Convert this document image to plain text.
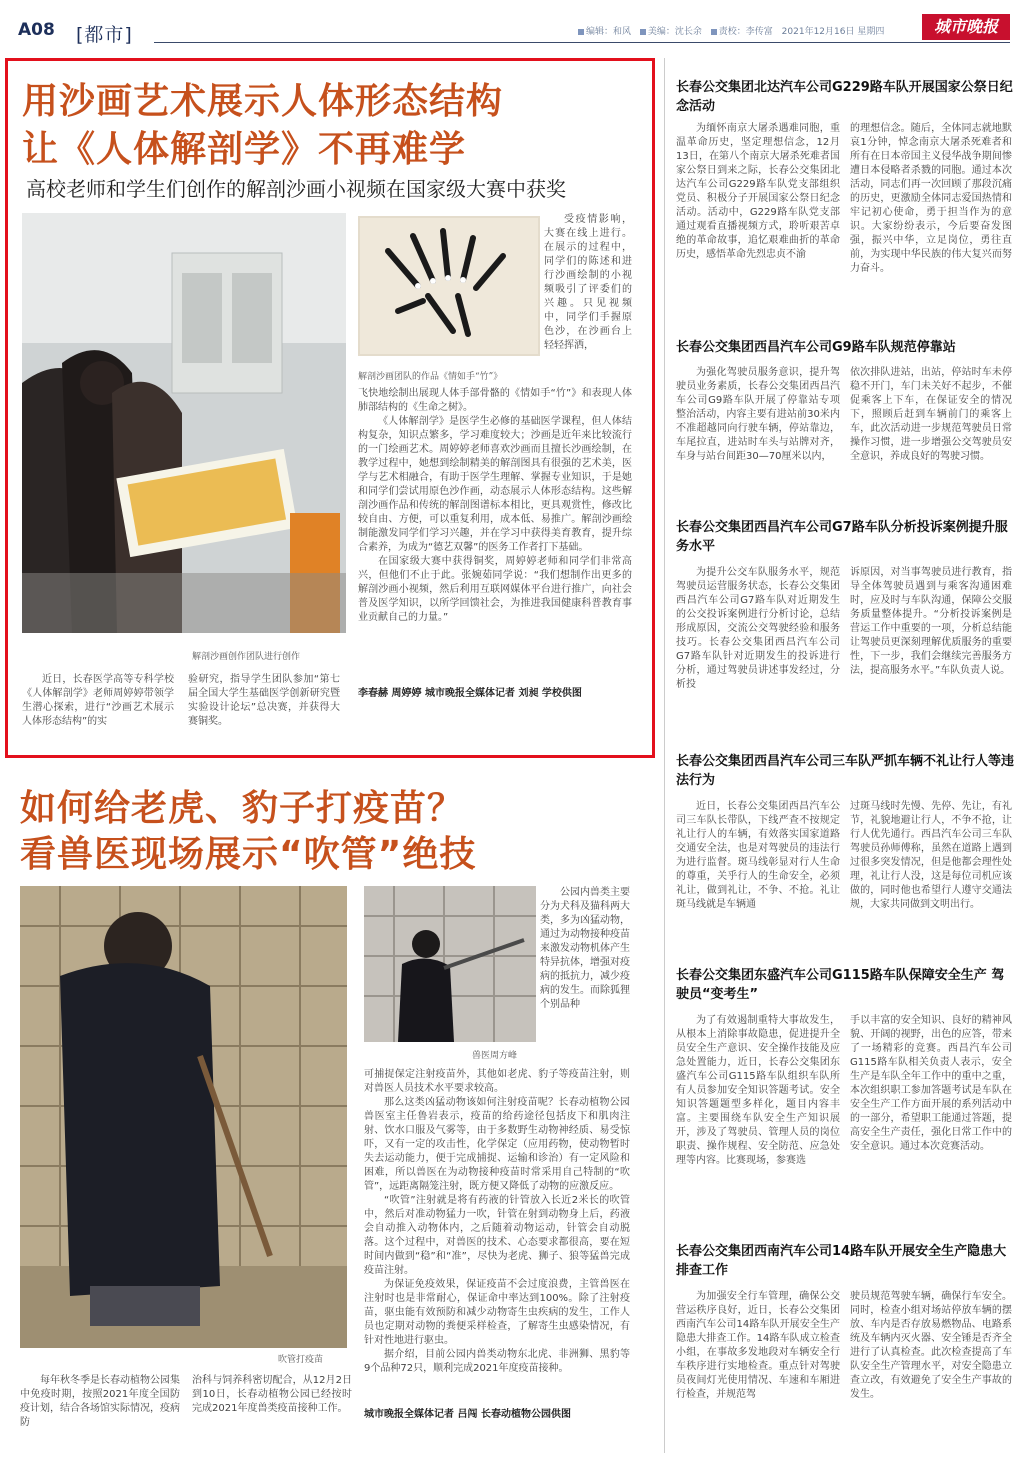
A08 [都市]	编辑：和风 美编：沈长余 责校：李传富 2021年12月16日 星期四	城市晚报
用沙画艺术展示人体形态结构
让《人体解剖学》不再难学
高校老师和学生们创作的解剖沙画小视频在国家级大赛中获奖
解剖沙画创作团队进行创作
解剖沙画团队的作品《情如手“竹”》

受疫情影响，大赛在线上进行。在展示的过程中，同学们的陈述和进行沙画绘制的小视频吸引了评委们的兴趣。只见视频中，同学们手握原色沙，在沙画台上轻轻挥洒，

飞快地绘制出展现人体手部骨骼的《情如手“竹”》和表现人体肺部结构的《生命之树》。

《人体解剖学》是医学生必修的基础医学课程，但人体结构复杂，知识点繁多，学习难度较大；沙画是近年来比较流行的一门绘画艺术。周婷婷老师喜欢沙画而且擅长沙画绘制，在教学过程中，她想到绘制精美的解剖图具有很强的艺术美，医学与艺术相融合，有助于医学生理解、掌握专业知识，于是她和同学们尝试用原色沙作画，动态展示人体形态结构。这些解剖沙画作品和传统的解剖图谱标本相比，更具观赏性，修改比较自由、方便，可以重复利用，成本低、易推广。解剖沙画绘制能激发同学们学习兴趣，并在学习中获得美育教育，提升综合素养，为成为“德艺双馨”的医务工作者打下基础。

在国家级大赛中获得铜奖，周婷婷老师和同学们非常高兴，但他们不止于此。张婉茹同学说：“我们想制作出更多的解剖沙画小视频，然后利用互联网媒体平台进行推广，向社会普及医学知识，以所学回馈社会，为推进我国健康科普教育事业贡献自己的力量。”

李春赫 周婷婷 城市晚报全媒体记者 刘昶 学校供图

近日，长春医学高等专科学校《人体解剖学》老师周婷婷带领学生潜心探索，进行“沙画艺术展示人体形态结构”的实

验研究，指导学生团队参加“第七届全国大学生基础医学创新研究暨实验设计论坛”总决赛，并获得大赛铜奖。

如何给老虎、豹子打疫苗？
看兽医现场展示“吹管”绝技
吹管打疫苗
兽医周方峰

公园内兽类主要分为犬科及猫科两大类，多为凶猛动物，通过为动物接种疫苗来激发动物机体产生特异抗体，增强对疫病的抵抗力，减少疫病的发生。而除狐狸个别品种

可捕捉保定注射疫苗外，其他如老虎、豹子等疫苗注射，则对兽医人员技术水平要求较高。

那么这类凶猛动物该如何注射疫苗呢？长春动植物公园兽医室主任鲁岩表示，疫苗的给药途径包括皮下和肌肉注射、饮水口服及气雾等，由于多数野生动物神经质、易受惊吓，又有一定的攻击性，化学保定（应用药物，使动物暂时失去运动能力，便于完成捕捉、运输和诊治）有一定风险和困难，所以兽医在为动物接种疫苗时常采用自己特制的“吹管”，远距离隔笼注射，既方便又降低了动物的应激反应。

“吹管”注射就是将有药液的针管放入长近2米长的吹管中，然后对准动物猛力一吹，针管在射到动物身上后，药液会自动推入动物体内，之后随着动物运动，针管会自动脱落。这个过程中，对兽医的技术、心态要求都很高，要在短时间内做到“稳”和“准”，尽快为老虎、狮子、狼等猛兽完成疫苗注射。

为保证免疫效果，保证疫苗不会过度浪费，主管兽医在注射时也是非常耐心，保证命中率达到100%。除了注射疫苗，驱虫能有效预防和减少动物寄生虫疾病的发生，工作人员也定期对动物的粪便采样检查，了解寄生虫感染情况，有针对性地进行驱虫。

据介绍，目前公园内兽类动物东北虎、非洲狮、黑豹等9个品种72只，顺利完成2021年度疫苗接种。

城市晚报全媒体记者 吕闯 长春动植物公园供图

每年秋冬季是长春动植物公园集中免疫时期，按照2021年度全国防疫计划，结合各场馆实际情况，疫病防

治科与饲养科密切配合，从12月2日到10日，长春动植物公园已经按时完成2021年度兽类疫苗接种工作。

长春公交集团北达汽车公司G229路车队开展国家公祭日纪念活动

为缅怀南京大屠杀遇难同胞，重温革命历史，坚定理想信念，12月13日，在第八个南京大屠杀死难者国家公祭日到来之际，长春公交集团北达汽车公司G229路车队党支部组织党员、积极分子开展国家公祭日纪念活动。活动中，G229路车队党支部通过观看直播视频方式，聆听艰苦卓绝的革命故事，追忆艰难曲折的革命历史，感悟革命先烈忠贞不渝

的理想信念。随后，全体同志就地默哀1分钟，悼念南京大屠杀死难者和所有在日本帝国主义侵华战争期间惨遭日本侵略者杀戮的同胞。通过本次活动，同志们再一次回顾了那段沉痛的历史，更激励全体同志爱国热情和牢记初心使命，勇于担当作为的意识。大家纷纷表示，今后要奋发图强，振兴中华，立足岗位，勇往直前，为实现中华民族的伟大复兴而努力奋斗。

长春公交集团西昌汽车公司G9路车队规范停靠站

为强化驾驶员服务意识，提升驾驶员业务素质，长春公交集团西昌汽车公司G9路车队开展了停靠站专项整治活动，内容主要有进站前30米内不准超越同向行驶车辆，停站靠边，车尾拉直，进站时车头与站牌对齐，车身与站台间距30—70厘米以内，

依次排队进站，出站，停站时车未停稳不开门，车门未关好不起步，不催促乘客上下车，在保证安全的情况下，照顾后赶到车辆前门的乘客上车，此次活动进一步规范驾驶员日常操作习惯，进一步增强公交驾驶员安全意识，养成良好的驾驶习惯。

长春公交集团西昌汽车公司G7路车队分析投诉案例提升服务水平

为提升公交车队服务水平，规范驾驶员运营服务状态，长春公交集团西昌汽车公司G7路车队对近期发生的公交投诉案例进行分析讨论，总结形成原因，交流公交驾驶经验和服务技巧。长春公交集团西昌汽车公司G7路车队针对近期发生的投诉进行分析，通过驾驶员讲述事发经过，分析投

诉原因，对当事驾驶员进行教育，指导全体驾驶员遇到与乘客沟通困难时，应及时与车队沟通，保障公交服务质量整体提升。“分析投诉案例是营运工作中重要的一项，分析总结能让驾驶员更深刻理解优质服务的重要性，下一步，我们会继续完善服务方法，提高服务水平。”车队负责人说。

长春公交集团西昌汽车公司三车队严抓车辆不礼让行人等违法行为

近日，长春公交集团西昌汽车公司三车队长带队，下线严查不按规定礼让行人的车辆，有效落实国家道路交通安全法，也是对驾驶员的违法行为进行监督。斑马线彰显对行人生命的尊重，关乎行人的生命安全，必须礼让，做到礼让，不争、不抢。礼让斑马线就是车辆通

过斑马线时先慢、先停、先让，有礼节，礼貌地避让行人，不争不抢，让行人优先通行。西昌汽车公司三车队驾驶员孙师傅称，虽然在道路上遇到过很多突发情况，但是他都会理性处理，礼让行人没，这是每位司机应该做的，同时他也希望行人遵守交通法规，大家共同做到文明出行。

长春公交集团东盛汽车公司G115路车队保障安全生产 驾驶员“变考生”

为了有效遏制重特大事故发生，从根本上消除事故隐患，促进提升全员安全生产意识、安全操作技能及应急处置能力，近日，长春公交集团东盛汽车公司G115路车队组织车队所有人员参加安全知识答题考试。安全知识答题题型多样化，题目内容丰富。主要围绕车队安全生产知识展开，涉及了驾驶员、管理人员的岗位职责、操作规程、安全防范、应急处理等内容。比赛现场，参赛选

手以丰富的安全知识、良好的精神风貌、开阔的视野，出色的应答，带来了一场精彩的竞赛。西昌汽车公司G115路车队相关负责人表示，安全生产是车队全年工作中的重中之重，本次组织职工参加答题考试是车队在安全生产工作方面开展的系列活动中的一部分，希望职工能通过答题，提高安全生产责任，强化日常工作中的安全意识。通过本次竞赛活动。

长春公交集团西南汽车公司14路车队开展安全生产隐患大排查工作

为加强安全行车管理，确保公交营运秩序良好，近日，长春公交集团西南汽车公司14路车队开展安全生产隐患大排查工作。14路车队成立检查小组，在事故多发地段对车辆安全行车秩序进行实地检查。重点针对驾驶员夜间灯光使用情况、车速和车厢进行检查，并规范驾

驶员规范驾驶车辆，确保行车安全。同时，检查小组对场站停放车辆的摆放、车内是否存放易燃物品、电路系统及车辆内灭火器、安全锤是否齐全进行了认真检查。此次检查提高了车队安全生产管理水平，对安全隐患立查立改，有效避免了安全生产事故的发生。
